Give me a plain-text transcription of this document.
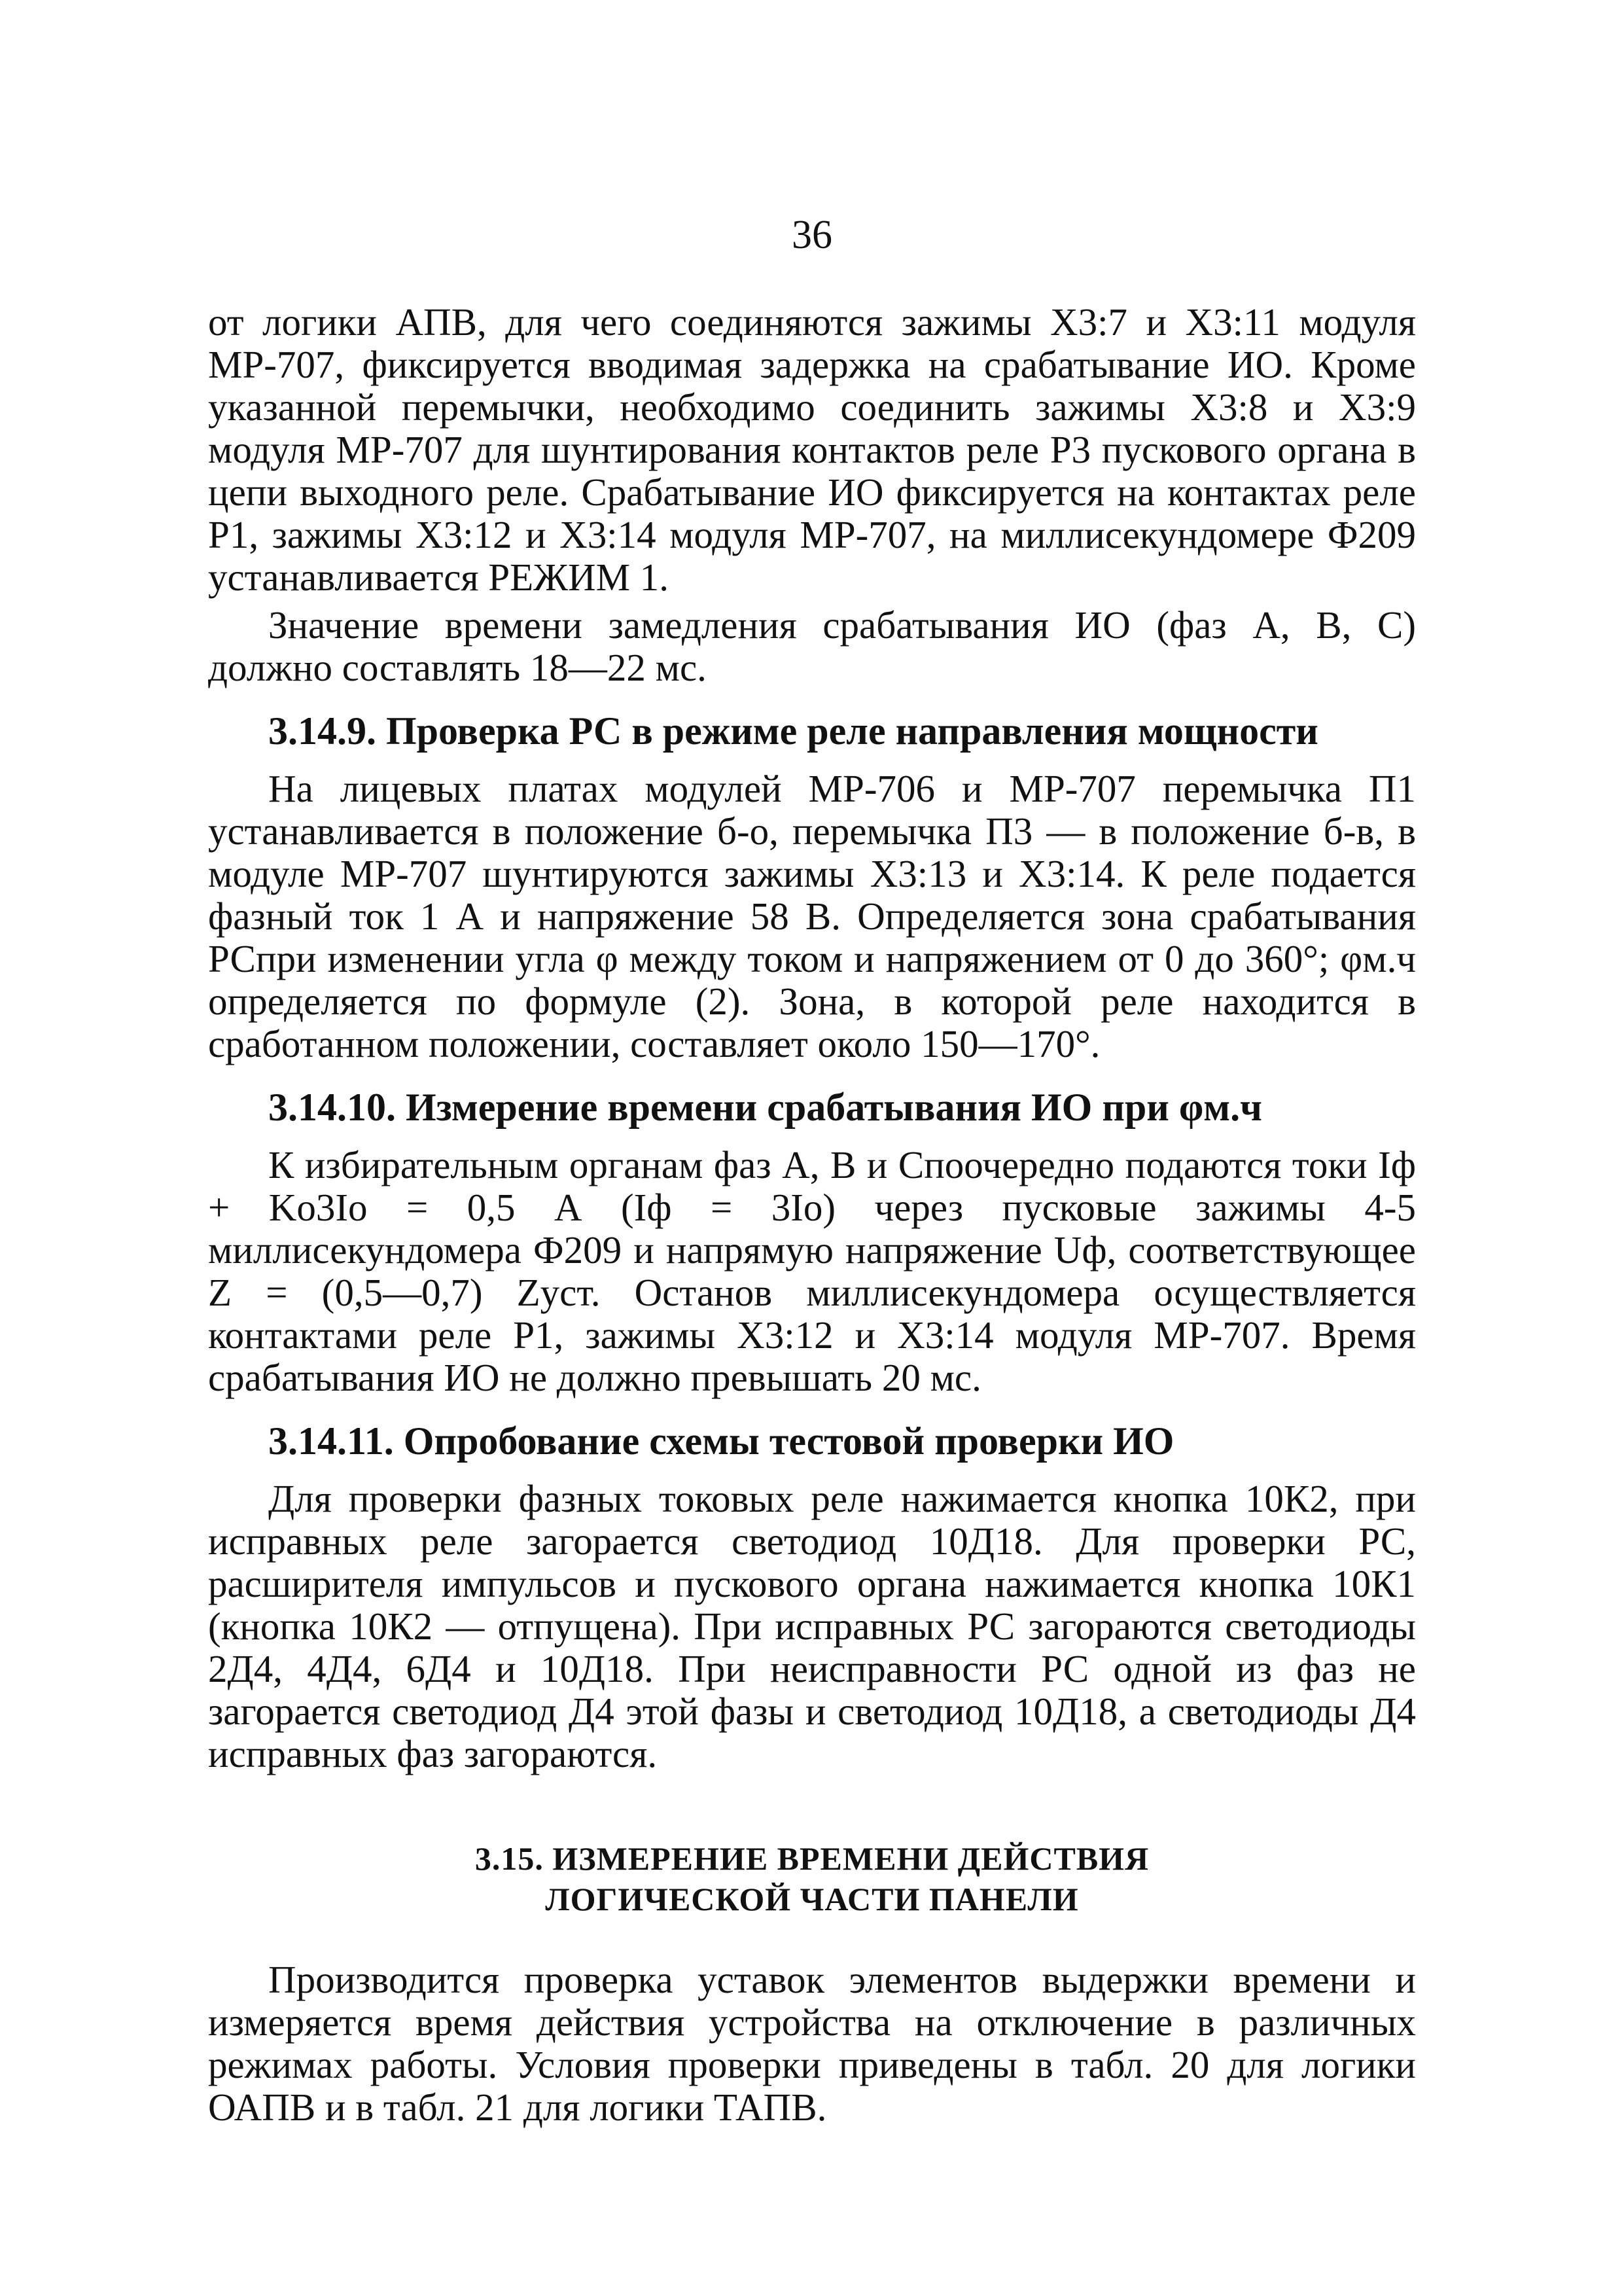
36

от логики АПВ, для чего соединяются зажимы Х3:7 и Х3:11 модуля МР-707, фиксируется вводимая задержка на срабатывание ИО. Кроме указанной перемычки, необходимо соединить зажимы Х3:8 и Х3:9 модуля МР-707 для шунтирования контактов реле Р3 пускового органа в цепи выходного реле. Срабатывание ИО фиксируется на контактах реле Р1, зажимы Х3:12 и Х3:14 модуля МР-707, на миллисекундомере Ф209 устанавливается РЕЖИМ 1.

Значение времени замедления срабатывания ИО (фаз А, В, С) должно составлять 18—22 мс.

3.14.9. Проверка РС в режиме реле направления мощности

На лицевых платах модулей МР-706 и МР-707 перемычка П1 устанавливается в положение б-о, перемычка П3 — в положение б-в, в модуле МР-707 шунтируются зажимы Х3:13 и Х3:14. К реле подается фазный ток 1 А и напряжение 58 В. Определяется зона срабатывания РСпри изменении угла φ между током и напряжением от 0 до 360°; φм.ч определяется по формуле (2). Зона, в которой реле находится в сработанном положении, составляет около 150—170°.

3.14.10. Измерение времени срабатывания ИО при φм.ч

К избирательным органам фаз А, В и Споочередно подаются токи Iф + Kо3Iо = 0,5 А (Iф = 3Iо) через пусковые зажимы 4-5 миллисекундомера Ф209 и напрямую напряжение Uф, соответствующее Z = (0,5—0,7) Zуст. Останов миллисекундомера осуществляется контактами реле Р1, зажимы Х3:12 и Х3:14 модуля МР-707. Время срабатывания ИО не должно превышать 20 мс.

3.14.11. Опробование схемы тестовой проверки ИО

Для проверки фазных токовых реле нажимается кнопка 10К2, при исправных реле загорается светодиод 10Д18. Для проверки РС, расширителя импульсов и пускового органа нажимается кнопка 10К1 (кнопка 10К2 — отпущена). При исправных РС загораются светодиоды 2Д4, 4Д4, 6Д4 и 10Д18. При неисправности РС одной из фаз не загорается светодиод Д4 этой фазы и светодиод 10Д18, а светодиоды Д4 исправных фаз загораются.

3.15. ИЗМЕРЕНИЕ ВРЕМЕНИ ДЕЙСТВИЯ
ЛОГИЧЕСКОЙ ЧАСТИ ПАНЕЛИ

Производится проверка уставок элементов выдержки времени и измеряется время действия устройства на отключение в различных режимах работы. Условия проверки приведены в табл. 20 для логики ОАПВ и в табл. 21 для логики ТАПВ.
